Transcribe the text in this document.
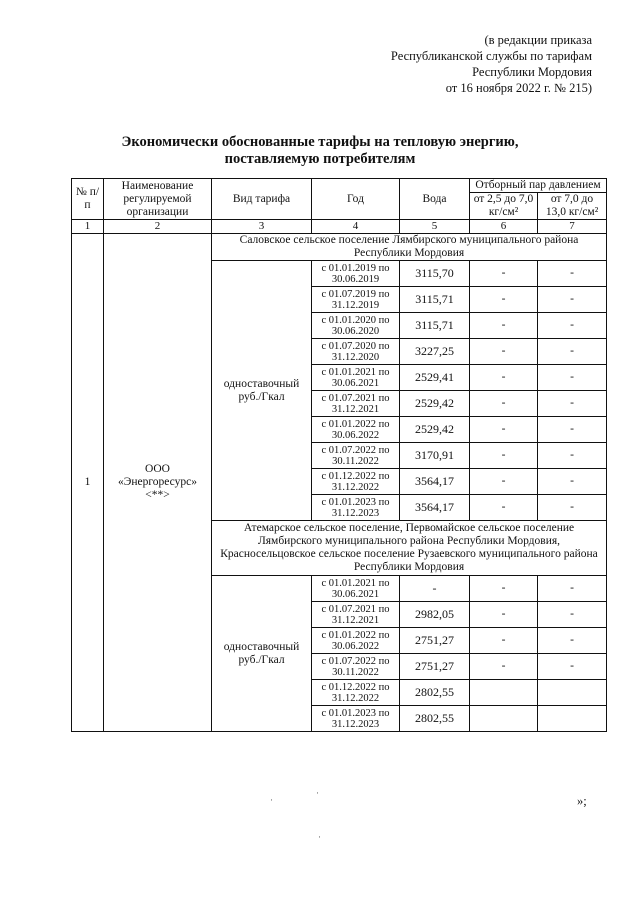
(в редакции приказа
Республиканской службы по тарифам
Республики Мордовия
от 16 ноября 2022 г. № 215)
Экономически обоснованные тарифы на тепловую энергию,
поставляемую потребителям
№ п/п	Наименование регулируемой организации	Вид тарифа	Год	Вода	Отборный пар давлением	
					от 2,5 до 7,0 кг/см²	от 7,0 до 13,0 кг/см²
1	2	3	4	5	6	7
1	ООО «Энергоресурс» <**>	Саловское сельское поселение Лямбирского муниципального района Республики Мордовия				
		одноставочный руб./Гкал	с 01.01.2019 по 30.06.2019	3115,70	-	-
			с 01.07.2019 по 31.12.2019	3115,71	-	-
			с 01.01.2020 по 30.06.2020	3115,71	-	-
			с 01.07.2020 по 31.12.2020	3227,25	-	-
			с 01.01.2021 по 30.06.2021	2529,41	-	-
			с 01.07.2021 по 31.12.2021	2529,42	-	-
			с 01.01.2022 по 30.06.2022	2529,42	-	-
			с 01.07.2022 по 30.11.2022	3170,91	-	-
			с 01.12.2022 по 31.12.2022	3564,17	-	-
			с 01.01.2023 по 31.12.2023	3564,17	-	-
		Атемарское сельское поселение, Первомайское сельское поселение Лямбирского муниципального района Республики Мордовия, Красносельцовское сельское поселение Рузаевского муниципального района Республики Мордовия				
		одноставочный руб./Гкал	с 01.01.2021 по 30.06.2021	-	-	-
			с 01.07.2021 по 31.12.2021	2982,05	-	-
			с 01.01.2022 по 30.06.2022	2751,27	-	-
			с 01.07.2022 по 30.11.2022	2751,27	-	-
			с 01.12.2022 по 31.12.2022	2802,55		
			с 01.01.2023 по 31.12.2023	2802,55		
»;
·
·
·
